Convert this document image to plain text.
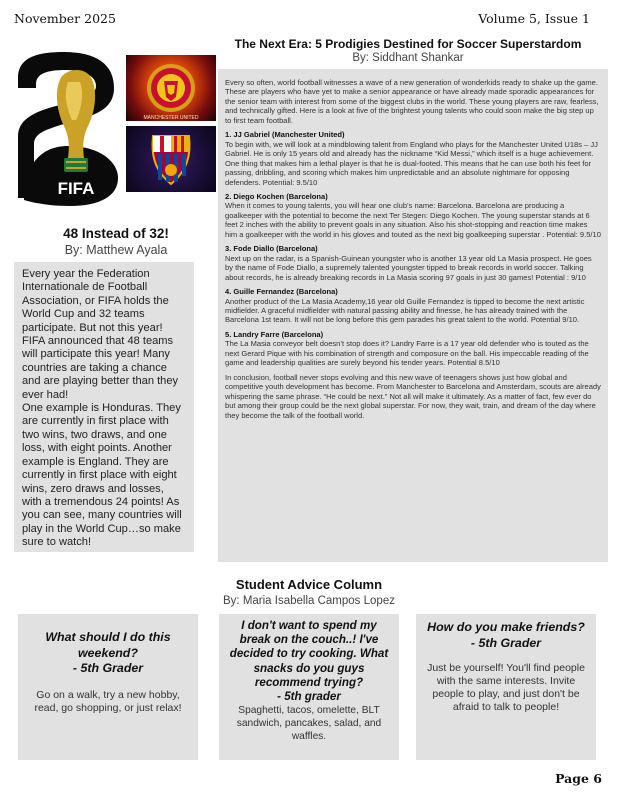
November 2025	Volume 5, Issue 1
FIFA
MANCHESTER UNITED
48 Instead of 32!
By: Matthew Ayala

Every year the Federation Internationale de Football Association, or FIFA holds the World Cup and 32 teams participate. But not this year! FIFA announced that 48 teams will participate this year! Many countries are taking a chance and are playing better than they ever had!

One example is Honduras. They are currently in first place with two wins, two draws, and one loss, with eight points. Another example is England. They are currently in first place with eight wins, zero draws and losses, with a tremendous 24 points! As you can see, many countries will play in the World Cup…so make sure to watch!

The Next Era: 5 Prodigies Destined for Soccer Superstardom
By: Siddhant Shankar

Every so often, world football witnesses a wave of a new generation of wonderkids ready to shake up the game. These are players who have yet to make a senior appearance or have already made sporadic appearances for the senior team with interest from some of the biggest clubs in the world. These young players are raw, fearless, and technically gifted. Here is a look at five of the brightest young talents who could soon make the big step up to first team football.

1. JJ Gabriel (Manchester United)
To begin with, we will look at a mindblowing talent from England who plays for the Manchester United U18s – JJ Gabriel. He is only 15 years old and already has the nickname “Kid Messi,” which itself is a huge achievement. One thing that makes him a lethal player is that he is dual-footed. This means that he can use both his feet for passing, dribbling, and scoring which makes him unpredictable and an absolute nightmare for opposing defenders. Potential: 9.5/10

2. Diego Kochen (Barcelona)
When it comes to young talents, you will hear one club’s name: Barcelona. Barcelona are producing a goalkeeper with the potential to become the next Ter Stegen: Diego Kochen. The young superstar stands at 6 feet 2 inches with the ability to prevent goals in any situation. Also his shot-stopping and reaction time makes him a goalkeeper with the world in his gloves and touted as the next big goalkeeping superstar . Potential: 9.5/10

3. Fode Diallo (Barcelona)
Next up on the radar, is a Spanish-Guinean youngster who is another 13 year old La Masia prospect. He goes by the name of Fode Diallo, a supremely talented youngster tipped to break records in world soccer. Talking about records, he is already breaking records in La Masia scoring 97 goals in just 30 games! Potential : 9/10

4. Guille Fernandez (Barcelona)
Another product of the La Masia Academy,16 year old Guille Fernandez is tipped to become the next artistic midfielder. A graceful midfielder with natural passing ability and finesse, he has already trained with the Barcelona 1st team. It will not be long before this gem parades his great talent to the world. Potential 9/10.

5. Landry Farre (Barcelona)
The La Masia conveyor belt doesn’t stop does it? Landry Farre is a 17 year old defender who is touted as the next Gerard Pique with his combination of strength and composure on the ball. His impeccable reading of the game and leadership qualities are surely beyond his tender years. Potential 8.5/10

In conclusion, football never stops evolving and this new wave of teenagers shows just how global and competitive youth development has become. From Manchester to Barcelona and Amsterdam, scouts are already whispering the same phrase. “He could be next.” Not all will make it ultimately. As a matter of fact, few ever do but among their group could be the next global superstar. For now, they wait, train, and dream of the day where they become the talk of the football world.

Student Advice Column
By: Maria Isabella Campos Lopez
What should I do this weekend?
- 5th Grader
Go on a walk, try a new hobby, read, go shopping, or just relax!
I don't want to spend my break on the couch..! I've decided to try cooking. What snacks do you guys recommend trying?
- 5th grader
Spaghetti, tacos, omelette, BLT sandwich, pancakes, salad, and waffles.
How do you make friends?
- 5th Grader
Just be yourself! You'll find people with the same interests. Invite people to play, and just don't be afraid to talk to people!
Page 6
